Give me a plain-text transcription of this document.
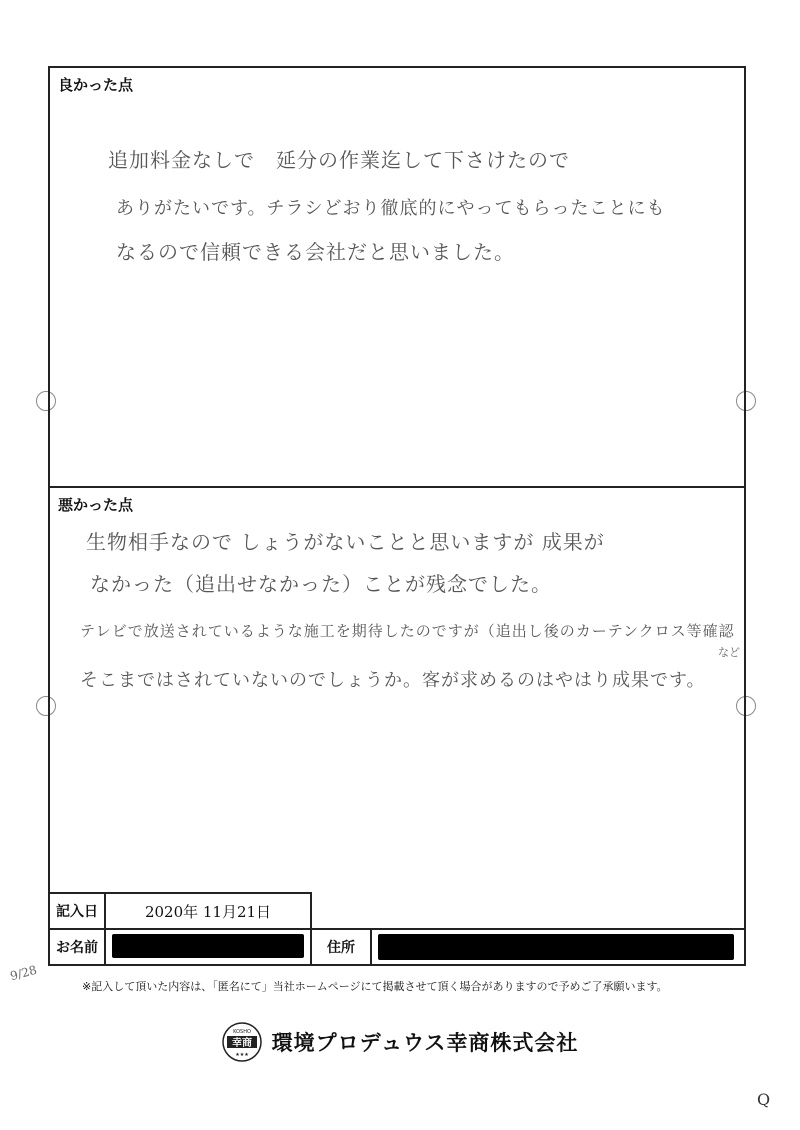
良かった点
追加料金なしで　延分の作業迄して下さけたので
ありがたいです。チラシどおり徹底的にやってもらったことにも
なるので信頼できる会社だと思いました。
悪かった点
生物相手なので しょうがないことと思いますが 成果が
なかった（追出せなかった）ことが残念でした。
テレビで放送されているような施工を期待したのですが（追出し後のカーテンクロス等確認
など
そこまではされていないのでしょうか。客が求めるのはやはり成果です。
記入日	2020年 11月21日
お名前	住所
9/28
※記入して頂いた内容は、「匿名にて」当社ホームページにて掲載させて頂く場合がありますので予めご了承願います。
KOSHO
幸商
★★★ 環境プロデュウス幸商株式会社
Q
